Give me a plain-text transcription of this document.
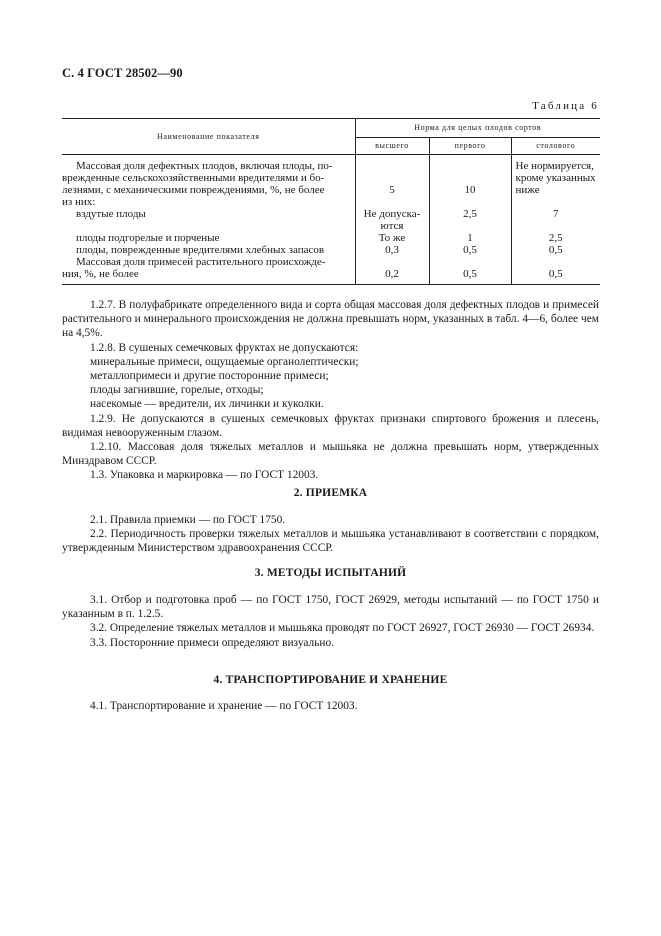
С. 4 ГОСТ 28502—90
Таблица 6
Наименование показателя	Норма для целых плодов сортов		
	высшего	первого	столового

Массовая доля дефектных плодов, включая плоды, по-
врежденные сельскохозяйственными вредителями и бо-
лезнями, с механическими повреждениями, %, не более
из них:	5	10	Не нормируется, кроме указанных ниже
вздутые плоды	Не допуска-ются	2,5	7
плоды подгорелые и порченые	То же	1	2,5
плоды, поврежденные вредителями хлебных запасов	0,3	0,5	0,5

Массовая доля примесей растительного происхожде-
ния, %, не более	0,2	0,5	0,5

1.2.7. В полуфабрикате определенного вида и сорта общая массовая доля дефектных плодов и примесей растительного и минерального происхождения не должна превышать норм, указанных в табл. 4—6, более чем на 4,5%.

1.2.8. В сушеных семечковых фруктах не допускаются:

минеральные примеси, ощущаемые органолептически;

металлопримеси и другие посторонние примеси;

плоды загнившие, горелые, отходы;

насекомые — вредители, их личинки и куколки.

1.2.9. Не допускаются в сушеных семечковых фруктах признаки спиртового брожения и плесень, видимая невооруженным глазом.

1.2.10. Массовая доля тяжелых металлов и мышьяка не должна превышать норм, утвержденных Минздравом СССР.

1.3. Упаковка и маркировка — по ГОСТ 12003.

2. ПРИЕМКА

2.1. Правила приемки — по ГОСТ 1750.

2.2. Периодичность проверки тяжелых металлов и мышьяка устанавливают в соответствии с порядком, утвержденным Министерством здравоохранения СССР.

3. МЕТОДЫ ИСПЫТАНИЙ

3.1. Отбор и подготовка проб — по ГОСТ 1750, ГОСТ 26929, методы испытаний — по ГОСТ 1750 и указанным в п. 1.2.5.

3.2. Определение тяжелых металлов и мышьяка проводят по ГОСТ 26927, ГОСТ 26930 — ГОСТ 26934.

3.3. Посторонние примеси определяют визуально.

4. ТРАНСПОРТИРОВАНИЕ И ХРАНЕНИЕ

4.1. Транспортирование и хранение — по ГОСТ 12003.
